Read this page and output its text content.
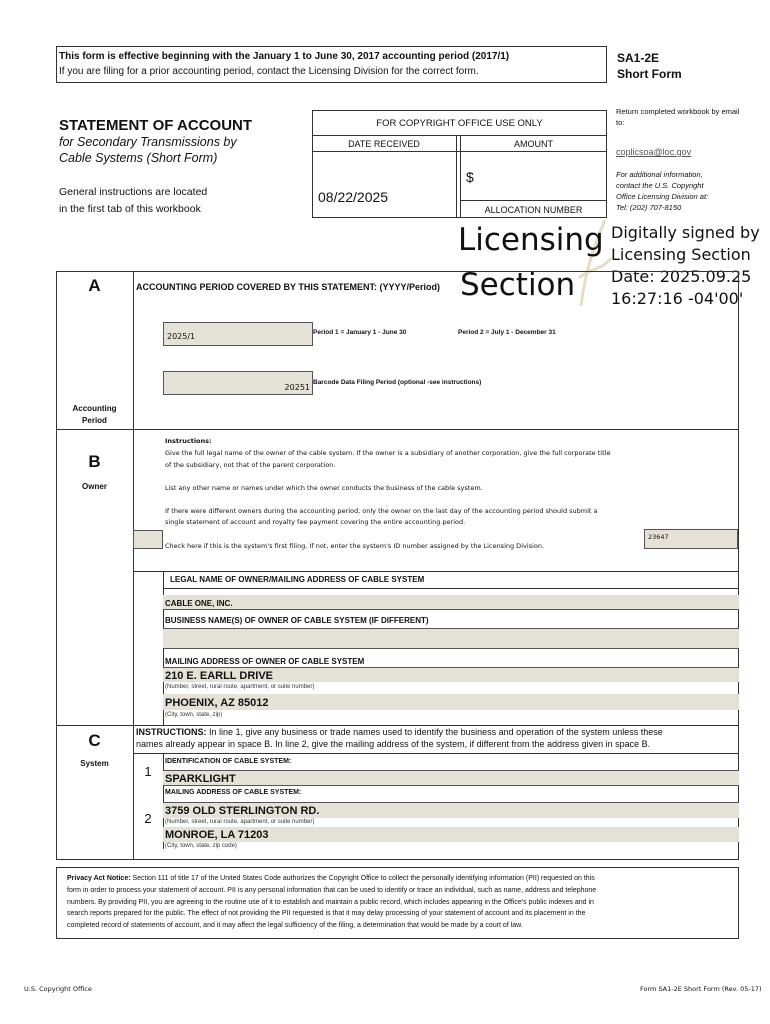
This form is effective beginning with the January 1 to June 30, 2017 accounting period (2017/1)
If you are filing for a prior accounting period, contact the Licensing Division for the correct form.
SA1-2E
Short Form
STATEMENT OF ACCOUNT
for Secondary Transmissions by
Cable Systems (Short Form)
General instructions are located
in the first tab of this workbook
FOR COPYRIGHT OFFICE USE ONLY
DATE RECEIVED	AMOUNT
08/22/2025
$
ALLOCATION NUMBER
Return completed workbook by email to:
coplicsoa@loc.gov
For additional information,
contact the U.S. Copyright
Office Licensing Division at:
Tel: (202) 707-8150
Licensing
Section
Digitally signed by
Licensing Section
Date: 2025.09.25
16:27:16 -04'00'
A
Accounting
Period
ACCOUNTING PERIOD COVERED BY THIS STATEMENT: (YYYY/Period)
2025/1	Period 1 = January 1 - June 30	Period 2 = July 1 - December 31
20251
Barcode Data Filing Period (optional -see instructions)
B
Owner
Instructions:
Give the full legal name of the owner of the cable system. If the owner is a subsidiary of another corporation, give the full corporate title
of the subsidiary, not that of the parent corporation.
List any other name or names under which the owner conducts the business of the cable system.
If there were different owners during the accounting period, only the owner on the last day of the accounting period should submit a
single statement of account and royalty fee payment covering the entire accounting period.
Check here if this is the system's first filing. If not, enter the system's ID number assigned by the Licensing Division.
23647
LEGAL NAME OF OWNER/MAILING ADDRESS OF CABLE SYSTEM
CABLE ONE, INC.
BUSINESS NAME(S) OF OWNER OF CABLE SYSTEM (IF DIFFERENT)
MAILING ADDRESS OF OWNER OF CABLE SYSTEM
210 E. EARLL DRIVE
(Number, street, rural route, apartment, or suite number)
PHOENIX, AZ 85012
(City, town, state, zip)
C
System
INSTRUCTIONS: In line 1, give any business or trade names used to identify the business and operation of the system unless these
names already appear in space B. In line 2, give the mailing address of the system, if different from the address given in space B.
1
IDENTIFICATION OF CABLE SYSTEM:
SPARKLIGHT
MAILING ADDRESS OF CABLE SYSTEM:
2	3759 OLD STERLINGTON RD.
(Number, street, rural route, apartment, or suite number)
MONROE, LA 71203
(City, town, state, zip code)
Privacy Act Notice: Section 111 of title 17 of the United States Code authorizes the Copyright Office to collect the personally identifying information (PII) requested on this
form in order to process your statement of account. PII is any personal information that can be used to identify or trace an individual, such as name, address and telephone
numbers. By providing PII, you are agreeing to the routine use of it to establish and maintain a public record, which includes appearing in the Office's public indexes and in
search reports prepared for the public. The effect of not providing the PII requested is that it may delay processing of your statement of account and its placement in the
completed record of statements of account, and it may affect the legal sufficiency of the filing, a determination that would be made by a court of law.
U.S. Copyright Office	Form SA1-2E Short Form (Rev. 05-17)
